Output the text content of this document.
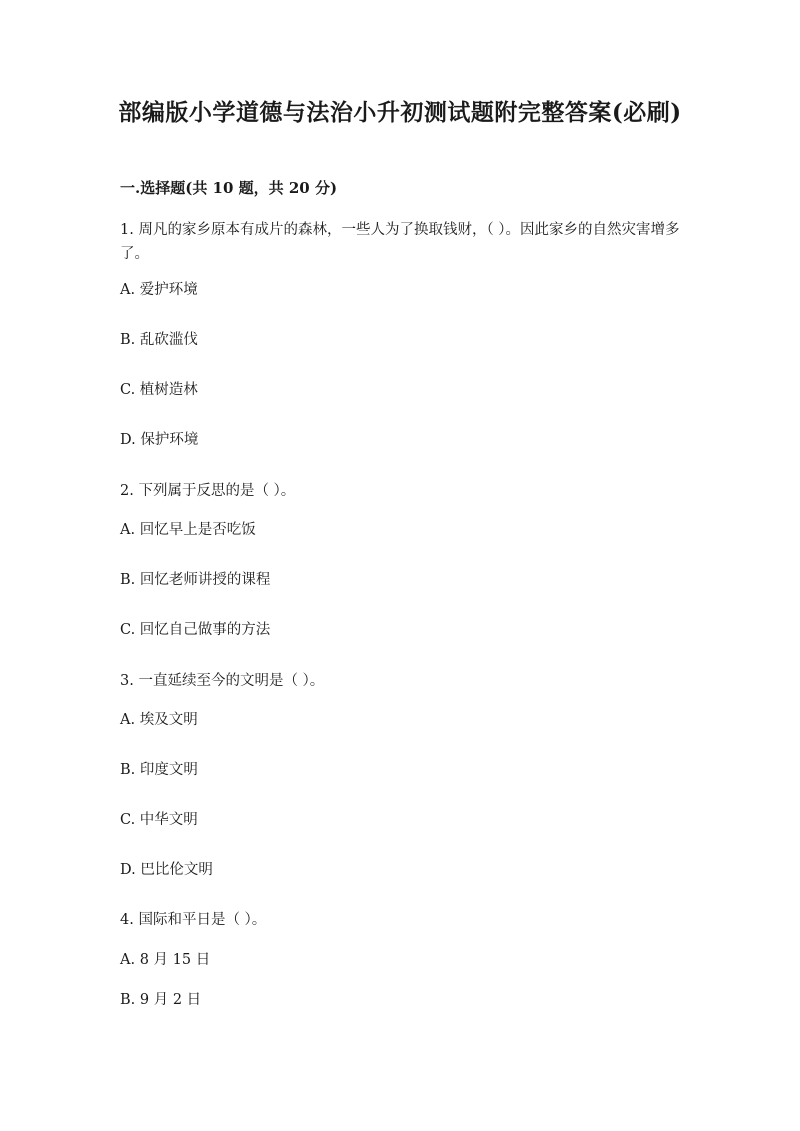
部编版小学道德与法治小升初测试题附完整答案(必刷)
一.选择题(共 10 题，共 20 分)
1. 周凡的家乡原本有成片的森林，一些人为了换取钱财，（ ）。因此家乡的自然灾害增多了。
A. 爱护环境
B. 乱砍滥伐
C. 植树造林
D. 保护环境
2. 下列属于反思的是（ ）。
A. 回忆早上是否吃饭
B. 回忆老师讲授的课程
C. 回忆自己做事的方法
3. 一直延续至今的文明是（ ）。
A. 埃及文明
B. 印度文明
C. 中华文明
D. 巴比伦文明
4. 国际和平日是（ ）。
A. 8 月 15 日
B. 9 月 2 日
